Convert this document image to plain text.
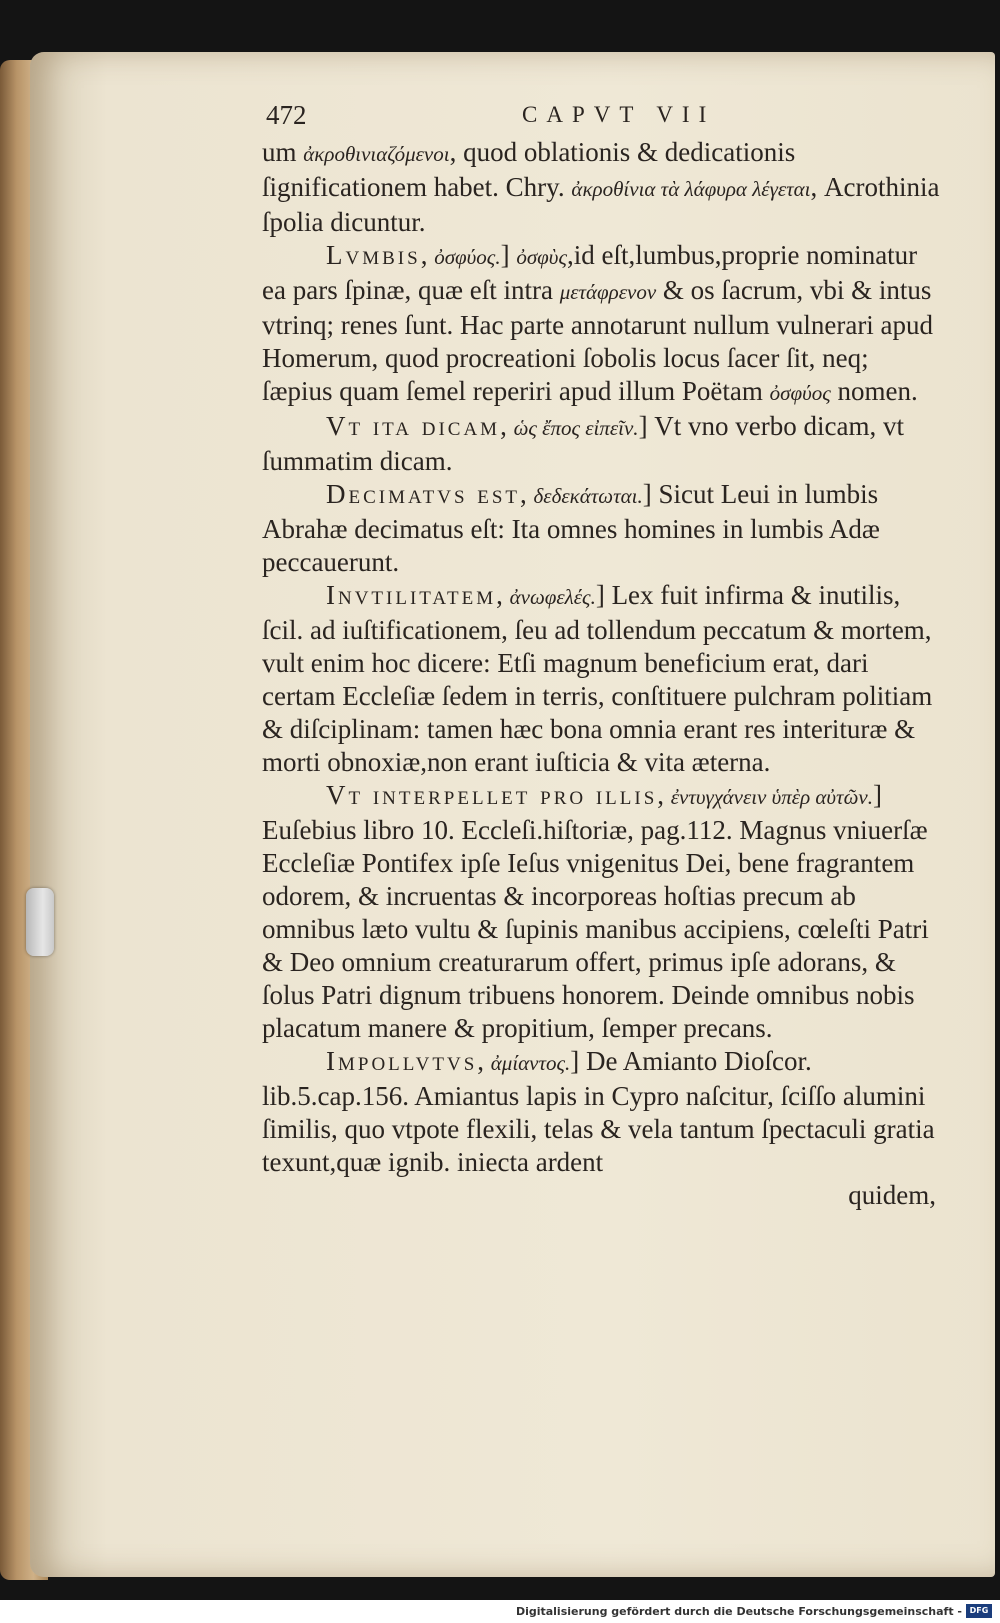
472	CAPVT VII

um ἀκροθινιαζόμενοι, quod oblationis & dedicationis ſignificationem habet. Chry. ἀκροθίνια τὰ λάφυρα λέγεται, Acrothinia ſpolia dicuntur.

Lvmbis, ὀσφύος.] ὀσφὺς,id eſt,lumbus,proprie nominatur ea pars ſpinæ, quæ eſt intra μετάφρενον & os ſacrum, vbi & intus vtrinq; renes ſunt. Hac parte annotarunt nullum vulnerari apud Homerum, quod procreationi ſobolis locus ſacer ſit, neq; ſæpius quam ſemel reperiri apud illum Poëtam ὀσφύος nomen.

Vt ita dicam, ὡς ἔπος εἰπεῖν.] Vt vno verbo dicam, vt ſummatim dicam.

Decimatvs est, δεδεκάτωται.] Sicut Leui in lumbis Abrahæ decimatus eſt: Ita omnes homines in lumbis Adæ peccauerunt.

Invtilitatem, ἀνωφελές.] Lex fuit infirma & inutilis, ſcil. ad iuſtificationem, ſeu ad tollendum peccatum & mortem, vult enim hoc dicere: Etſi magnum beneficium erat, dari certam Eccleſiæ ſedem in terris, conſtituere pulchram politiam & diſciplinam: tamen hæc bona omnia erant res interituræ & morti obnoxiæ,non erant iuſticia & vita æterna.

Vt interpellet pro illis, ἐντυγχάνειν ὑπὲρ αὐτῶν.] Euſebius libro 10. Eccleſi.hiſtoriæ, pag.112. Magnus vniuerſæ Eccleſiæ Pontifex ipſe Ieſus vnigenitus Dei, bene fragrantem odorem, & incruentas & incorporeas hoſtias precum ab omnibus læto vultu & ſupinis manibus accipiens, cœleſti Patri & Deo omnium creaturarum offert, primus ipſe adorans, & ſolus Patri dignum tribuens honorem. Deinde omnibus nobis placatum manere & propitium, ſemper precans.

Impollvtvs, ἀμίαντος.] De Amianto Dioſcor. lib.5.cap.156. Amiantus lapis in Cypro naſcitur, ſciſſo alumini ſimilis, quo vtpote flexili, telas & vela tantum ſpectaculi gratia texunt,quæ ignib. iniecta ardent

quidem,

Digitalisierung gefördert durch die Deutsche Forschungsgemeinschaft - DFG
